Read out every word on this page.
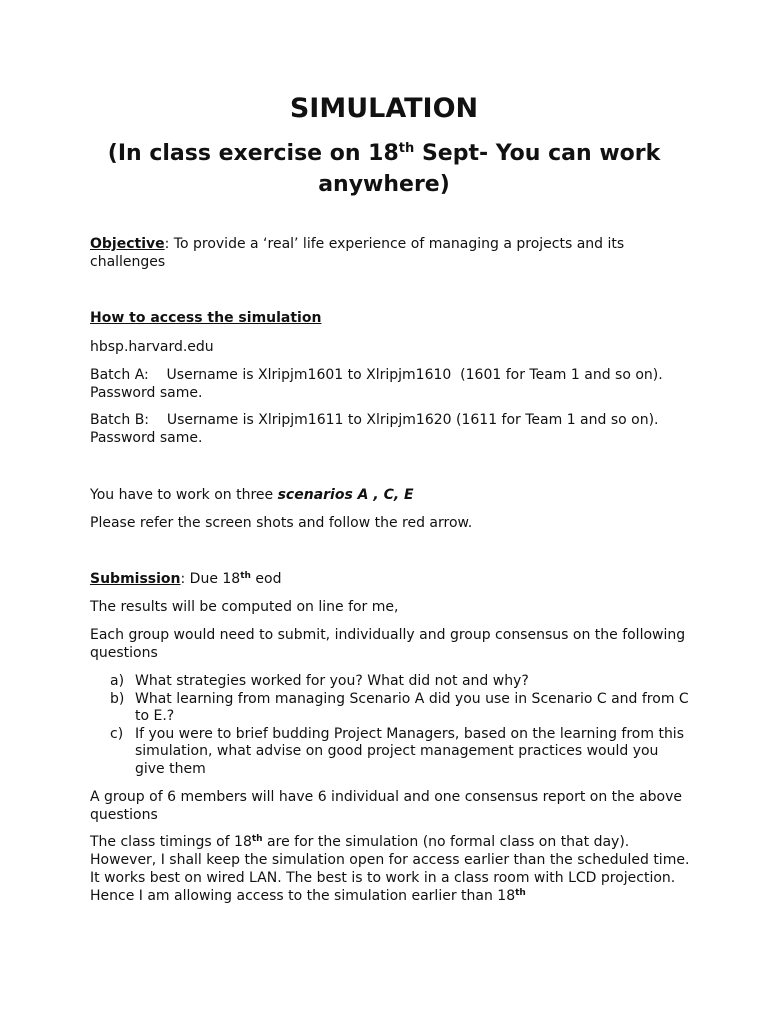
SIMULATION
(In class exercise on 18th Sept- You can work anywhere)

Objective: To provide a ‘real’ life experience of managing a projects and its challenges

How to access the simulation

hbsp.harvard.edu

Batch A:    Username is Xlripjm1601 to Xlripjm1610  (1601 for Team 1 and so on). Password same.

Batch B:    Username is Xlripjm1611 to Xlripjm1620 (1611 for Team 1 and so on). Password same.

You have to work on three scenarios A , C, E

Please refer the screen shots and follow the red arrow.

Submission: Due 18th eod

The results will be computed on line for me,

Each group would need to submit, individually and group consensus on the following questions

a) What strategies worked for you? What did not and why?
b) What learning from managing Scenario A did you use in Scenario C and from C to E.?
c) If you were to brief budding Project Managers, based on the learning from this simulation, what advise on good project management practices would you give them

A group of 6 members will have 6 individual and one consensus report on the above questions

The class timings of 18th are for the simulation (no formal class on that day). However, I shall keep the simulation open for access earlier than the scheduled time. It works best on wired LAN. The best is to work in a class room with LCD projection. Hence I am allowing access to the simulation earlier than 18th
